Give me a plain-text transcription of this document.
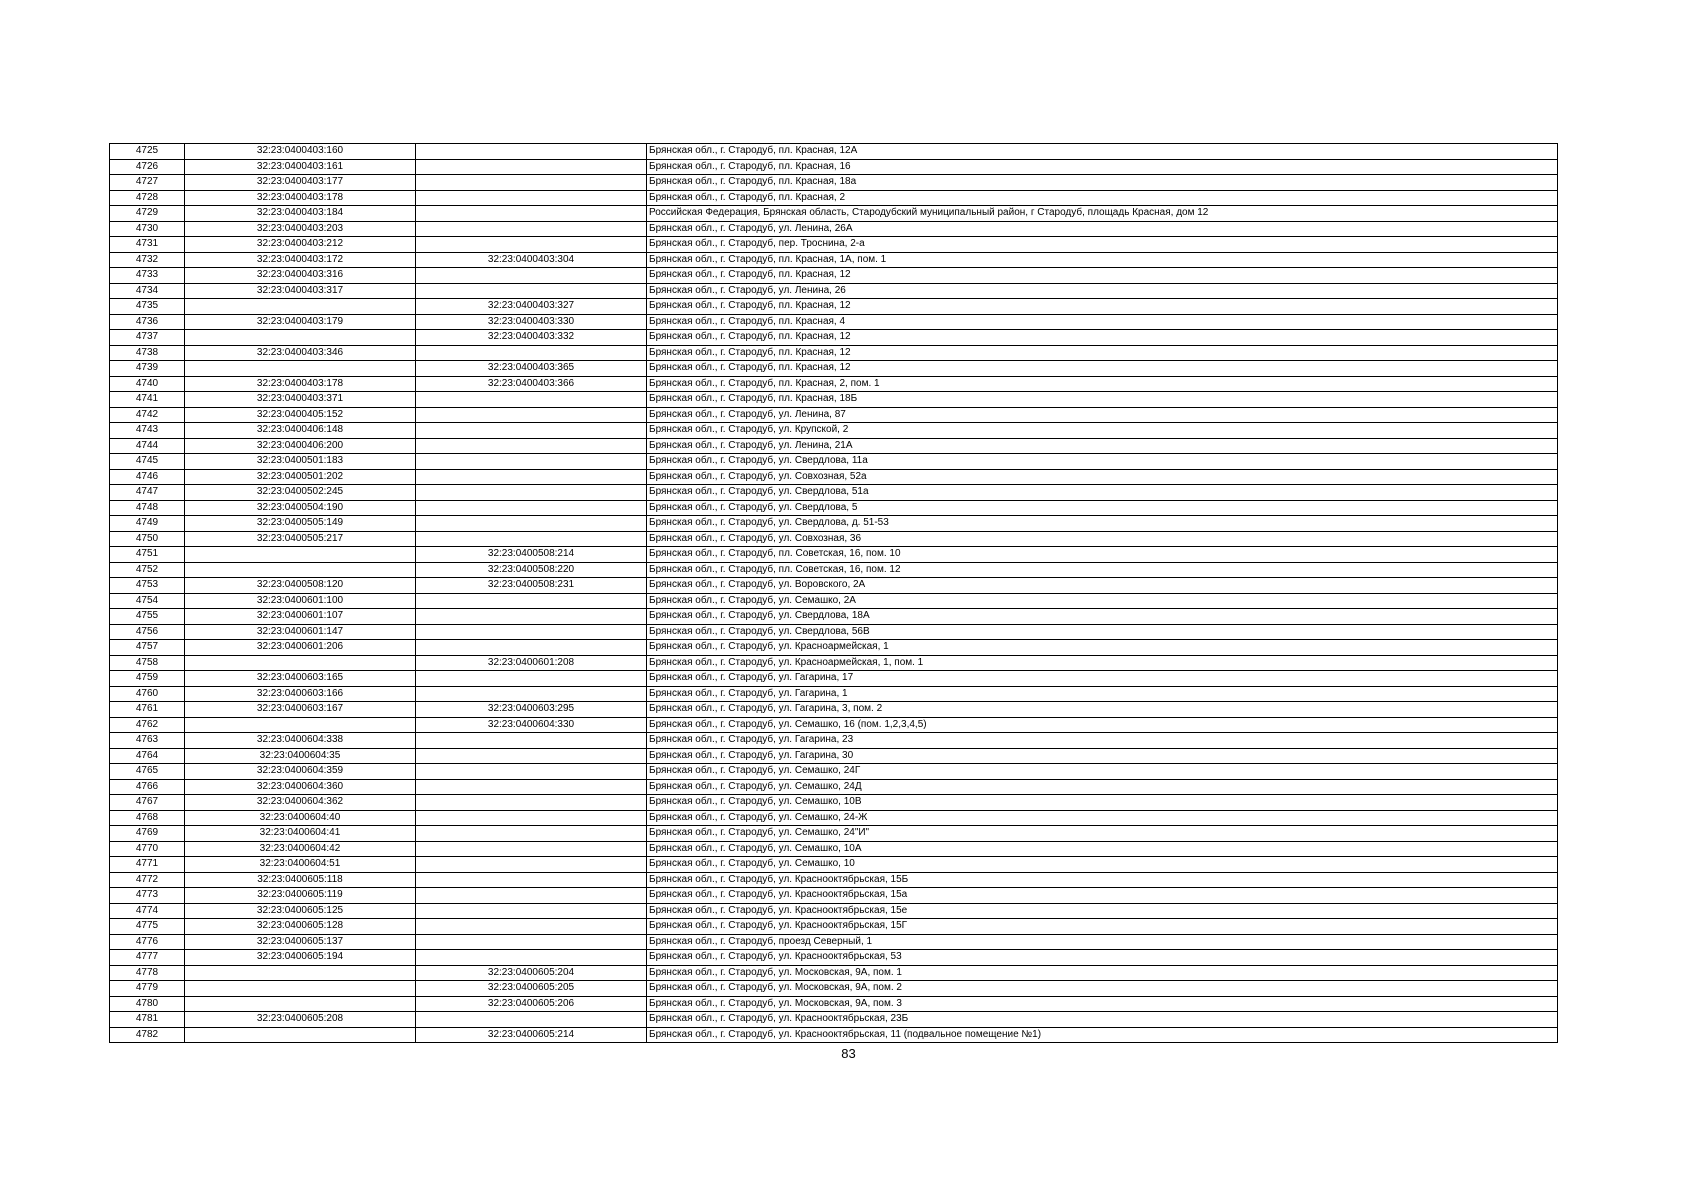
4725	32:23:0400403:160		Брянская обл., г. Стародуб, пл. Красная, 12А
4726	32:23:0400403:161		Брянская обл., г. Стародуб, пл. Красная, 16
4727	32:23:0400403:177		Брянская обл., г. Стародуб, пл. Красная, 18а
4728	32:23:0400403:178		Брянская обл., г. Стародуб, пл. Красная, 2
4729	32:23:0400403:184		Российская Федерация, Брянская область, Стародубский муниципальный район, г Стародуб, площадь Красная, дом 12
4730	32:23:0400403:203		Брянская обл., г. Стародуб, ул. Ленина, 26А
4731	32:23:0400403:212		Брянская обл., г. Стародуб, пер. Троснина, 2-а
4732	32:23:0400403:172	32:23:0400403:304	Брянская обл., г. Стародуб, пл. Красная, 1А, пом. 1
4733	32:23:0400403:316		Брянская обл., г. Стародуб, пл. Красная, 12
4734	32:23:0400403:317		Брянская обл., г. Стародуб, ул. Ленина, 26
4735		32:23:0400403:327	Брянская обл., г. Стародуб, пл. Красная, 12
4736	32:23:0400403:179	32:23:0400403:330	Брянская обл., г. Стародуб, пл. Красная, 4
4737		32:23:0400403:332	Брянская обл., г. Стародуб, пл. Красная, 12
4738	32:23:0400403:346		Брянская обл., г. Стародуб, пл. Красная, 12
4739		32:23:0400403:365	Брянская обл., г. Стародуб, пл. Красная, 12
4740	32:23:0400403:178	32:23:0400403:366	Брянская обл., г. Стародуб, пл. Красная, 2, пом. 1
4741	32:23:0400403:371		Брянская обл., г. Стародуб, пл. Красная, 18Б
4742	32:23:0400405:152		Брянская обл., г. Стародуб, ул. Ленина, 87
4743	32:23:0400406:148		Брянская обл., г. Стародуб, ул. Крупской, 2
4744	32:23:0400406:200		Брянская обл., г. Стародуб, ул. Ленина, 21А
4745	32:23:0400501:183		Брянская обл., г. Стародуб, ул. Свердлова, 11а
4746	32:23:0400501:202		Брянская обл., г. Стародуб, ул. Совхозная, 52а
4747	32:23:0400502:245		Брянская обл., г. Стародуб, ул. Свердлова, 51а
4748	32:23:0400504:190		Брянская обл., г. Стародуб, ул. Свердлова, 5
4749	32:23:0400505:149		Брянская обл., г. Стародуб, ул. Свердлова, д. 51-53
4750	32:23:0400505:217		Брянская обл., г. Стародуб, ул. Совхозная, 36
4751		32:23:0400508:214	Брянская обл., г. Стародуб, пл. Советская, 16, пом. 10
4752		32:23:0400508:220	Брянская обл., г. Стародуб, пл. Советская, 16, пом. 12
4753	32:23:0400508:120	32:23:0400508:231	Брянская обл., г. Стародуб, ул. Воровского, 2А
4754	32:23:0400601:100		Брянская обл., г. Стародуб, ул. Семашко, 2А
4755	32:23:0400601:107		Брянская обл., г. Стародуб, ул. Свердлова, 18А
4756	32:23:0400601:147		Брянская обл., г. Стародуб, ул. Свердлова, 56В
4757	32:23:0400601:206		Брянская обл., г. Стародуб, ул. Красноармейская, 1
4758		32:23:0400601:208	Брянская обл., г. Стародуб, ул. Красноармейская, 1, пом. 1
4759	32:23:0400603:165		Брянская обл., г. Стародуб, ул. Гагарина, 17
4760	32:23:0400603:166		Брянская обл., г. Стародуб, ул. Гагарина, 1
4761	32:23:0400603:167	32:23:0400603:295	Брянская обл., г. Стародуб, ул. Гагарина, 3, пом. 2
4762		32:23:0400604:330	Брянская обл., г. Стародуб, ул. Семашко, 16 (пом. 1,2,3,4,5)
4763	32:23:0400604:338		Брянская обл., г. Стародуб, ул. Гагарина, 23
4764	32:23:0400604:35		Брянская обл., г. Стародуб, ул. Гагарина, 30
4765	32:23:0400604:359		Брянская обл., г. Стародуб, ул. Семашко, 24Г
4766	32:23:0400604:360		Брянская обл., г. Стародуб, ул. Семашко, 24Д
4767	32:23:0400604:362		Брянская обл., г. Стародуб, ул. Семашко, 10В
4768	32:23:0400604:40		Брянская обл., г. Стародуб, ул. Семашко, 24-Ж
4769	32:23:0400604:41		Брянская обл., г. Стародуб, ул. Семашко, 24"И"
4770	32:23:0400604:42		Брянская обл., г. Стародуб, ул. Семашко, 10А
4771	32:23:0400604:51		Брянская обл., г. Стародуб, ул. Семашко, 10
4772	32:23:0400605:118		Брянская обл., г. Стародуб, ул. Краснооктябрьская, 15Б
4773	32:23:0400605:119		Брянская обл., г. Стародуб, ул. Краснооктябрьская, 15а
4774	32:23:0400605:125		Брянская обл., г. Стародуб, ул. Краснооктябрьская, 15е
4775	32:23:0400605:128		Брянская обл., г. Стародуб, ул. Краснооктябрьская, 15Г
4776	32:23:0400605:137		Брянская обл., г. Стародуб, проезд Северный, 1
4777	32:23:0400605:194		Брянская обл., г. Стародуб, ул. Краснооктябрьская, 53
4778		32:23:0400605:204	Брянская обл., г. Стародуб, ул. Московская, 9А, пом. 1
4779		32:23:0400605:205	Брянская обл., г. Стародуб, ул. Московская, 9А, пом. 2
4780		32:23:0400605:206	Брянская обл., г. Стародуб, ул. Московская, 9А, пом. 3
4781	32:23:0400605:208		Брянская обл., г. Стародуб, ул. Краснооктябрьская, 23Б
4782		32:23:0400605:214	Брянская обл., г. Стародуб, ул. Краснооктябрьская, 11 (подвальное помещение №1)
83
